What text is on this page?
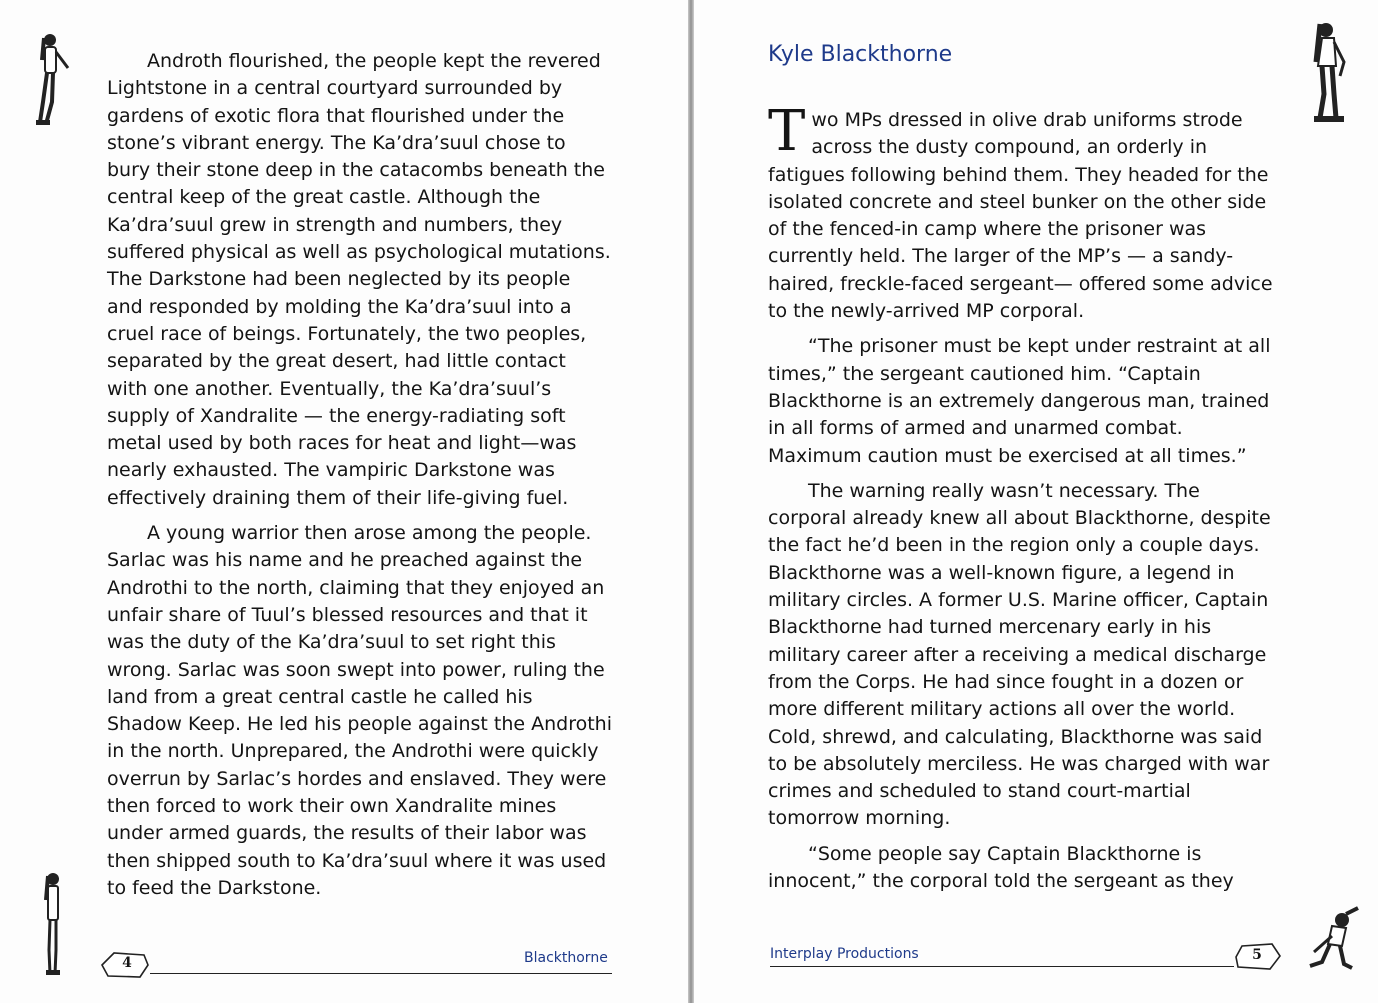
Androth flourished, the people kept the revered Lightstone in a central courtyard surrounded by gardens of exotic flora that flourished under the stone’s vibrant energy. The Ka’dra’suul chose to bury their stone deep in the catacombs beneath the central keep of the great castle. Although the Ka’dra’suul grew in strength and numbers, they suffered physical as well as psychological mutations. The Darkstone had been neglected by its people and responded by molding the Ka’dra’suul into a cruel race of beings. Fortunately, the two peoples, separated by the great desert, had little contact with one another. Eventually, the Ka’dra’suul’s supply of Xandralite — the energy-radiating soft metal used by both races for heat and light—was nearly exhausted. The vampiric Darkstone was effectively draining them of their life-giving fuel.

A young warrior then arose among the people. Sarlac was his name and he preached against the Androthi to the north, claiming that they enjoyed an unfair share of Tuul’s blessed resources and that it was the duty of the Ka’dra’suul to set right this wrong. Sarlac was soon swept into power, ruling the land from a great central castle he called his Shadow Keep. He led his people against the Androthi in the north. Unprepared, the Androthi were quickly overrun by Sarlac’s hordes and enslaved. They were then forced to work their own Xandralite mines under armed guards, the results of their labor was then shipped south to Ka’dra’suul where it was used to feed the Darkstone.

4	Blackthorne
Kyle Blackthorne

Two MPs dressed in olive drab uniforms strode across the dusty compound, an orderly in fatigues following behind them. They headed for the isolated concrete and steel bunker on the other side of the fenced-in camp where the prisoner was currently held. The larger of the MP’s — a sandy-haired, freckle-faced sergeant— offered some advice to the newly-arrived MP corporal.

“The prisoner must be kept under restraint at all times,” the sergeant cautioned him. “Captain Blackthorne is an extremely dangerous man, trained in all forms of armed and unarmed combat. Maximum caution must be exercised at all times.”

The warning really wasn’t necessary. The corporal already knew all about Blackthorne, despite the fact he’d been in the region only a couple days. Blackthorne was a well-known figure, a legend in military circles. A former U.S. Marine officer, Captain Blackthorne had turned mercenary early in his military career after a receiving a medical discharge from the Corps. He had since fought in a dozen or more different military actions all over the world. Cold, shrewd, and calculating, Blackthorne was said to be absolutely merciless. He was charged with war crimes and scheduled to stand court-martial tomorrow morning.

“Some people say Captain Blackthorne is innocent,” the corporal told the sergeant as they

Interplay Productions	5
